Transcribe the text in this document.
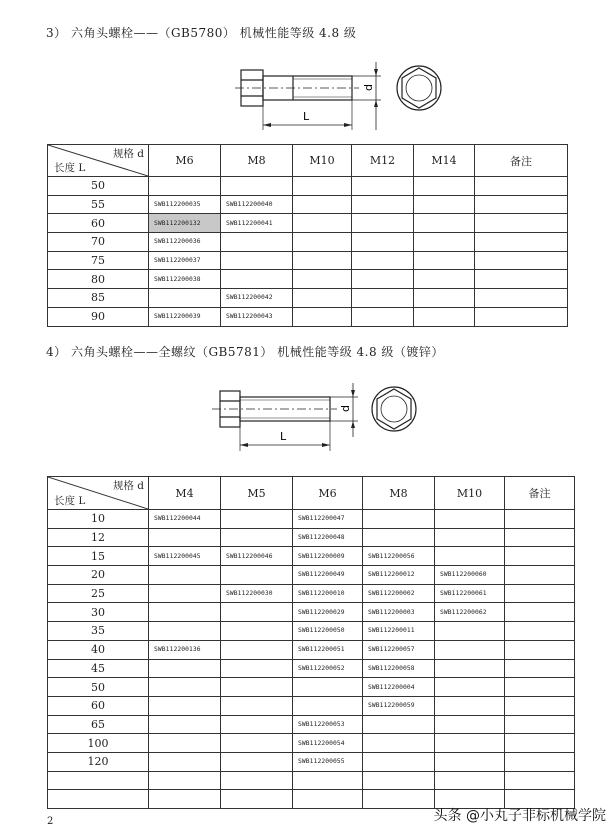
3） 六角头螺栓——（GB5780） 机械性能等级 4.8 级
L
d
规格 d
长度 L	M6	M8	M10	M12	M14	备注
50						
55	SWB112200035	SWB112200040				
60	SWB112200132	SWB112200041				
70	SWB112200036					
75	SWB112200037					
80	SWB112200038					
85		SWB112200042				
90	SWB112200039	SWB112200043				
4） 六角头螺栓——全螺纹（GB5781） 机械性能等级 4.8 级（镀锌）
L
d
规格 d
长度 L	M4	M5	M6	M8	M10	备注
10	SWB112200044		SWB112200047			
12			SWB112200048			
15	SWB112200045	SWB112200046	SWB112200009	SWB112200056		
20			SWB112200049	SWB112200012	SWB112200060	
25		SWB112200030	SWB112200010	SWB112200002	SWB112200061	
30			SWB112200029	SWB112200003	SWB112200062	
35			SWB112200050	SWB112200011		
40	SWB112200136		SWB112200051	SWB112200057		
45			SWB112200052	SWB112200058		
50				SWB112200004		
60				SWB112200059		
65			SWB112200053			
100			SWB112200054			
120			SWB112200055			

2	头条 @小丸子非标机械学院
